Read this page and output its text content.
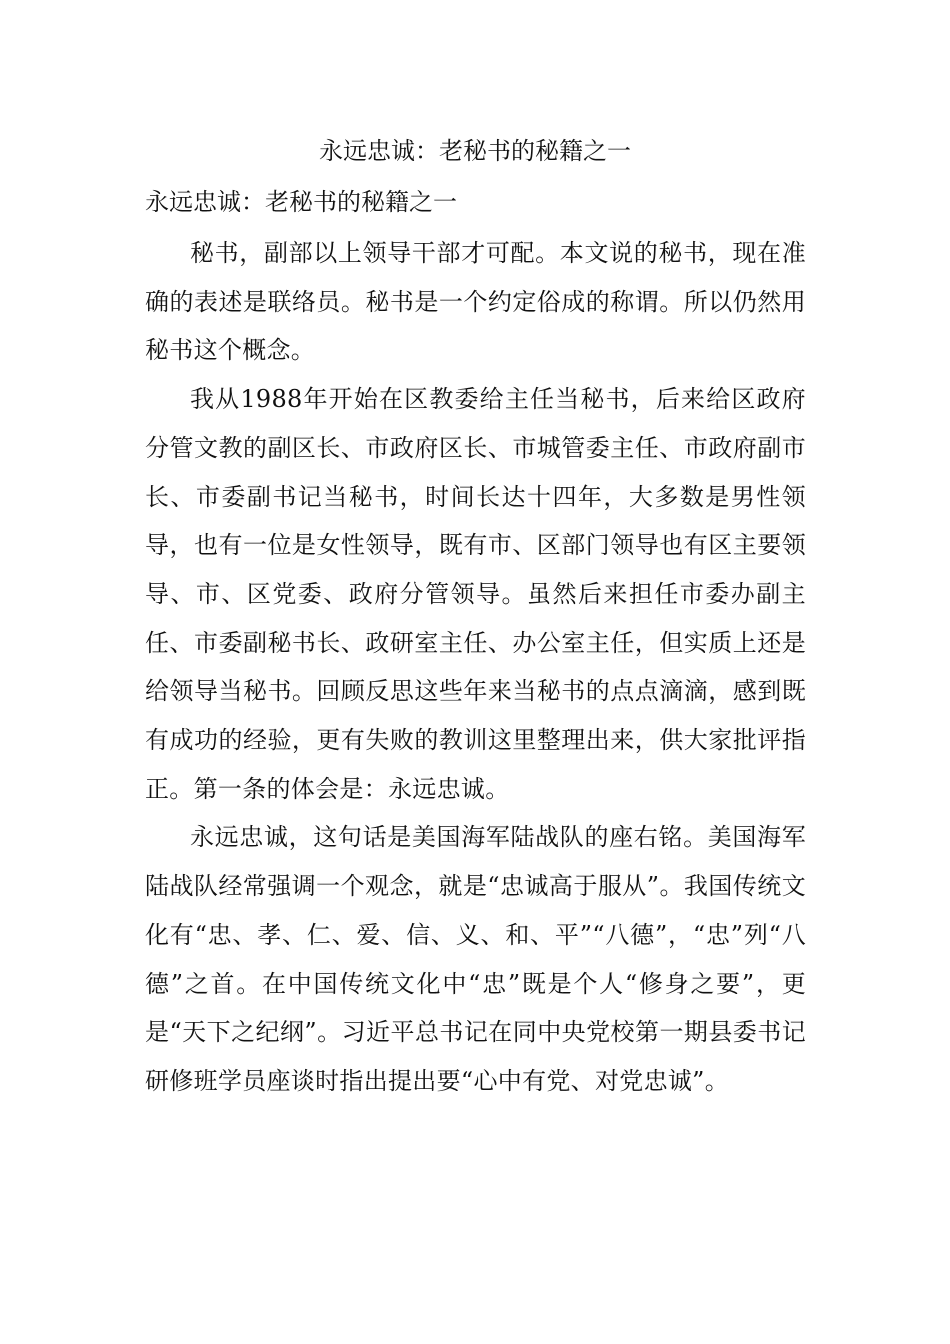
永远忠诚：老秘书的秘籍之一

永远忠诚：老秘书的秘籍之一

秘书，副部以上领导干部才可配。本文说的秘书，现在准确的表述是联络员。秘书是一个约定俗成的称谓。所以仍然用秘书这个概念。

我从1988年开始在区教委给主任当秘书，后来给区政府分管文教的副区长、市政府区长、市城管委主任、市政府副市长、市委副书记当秘书，时间长达十四年，大多数是男性领导，也有一位是女性领导，既有市、区部门领导也有区主要领导、市、区党委、政府分管领导。虽然后来担任市委办副主任、市委副秘书长、政研室主任、办公室主任，但实质上还是给领导当秘书。回顾反思这些年来当秘书的点点滴滴，感到既有成功的经验，更有失败的教训这里整理出来，供大家批评指正。第一条的体会是：永远忠诚。

永远忠诚，这句话是美国海军陆战队的座右铭。美国海军陆战队经常强调一个观念，就是“忠诚高于服从”。我国传统文化有“忠、孝、仁、爱、信、义、和、平”“八德”，“忠”列“八德”之首。在中国传统文化中“忠”既是个人“修身之要”，更是“天下之纪纲”。习近平总书记在同中央党校第一期县委书记研修班学员座谈时指出提出要“心中有党、对党忠诚”。
